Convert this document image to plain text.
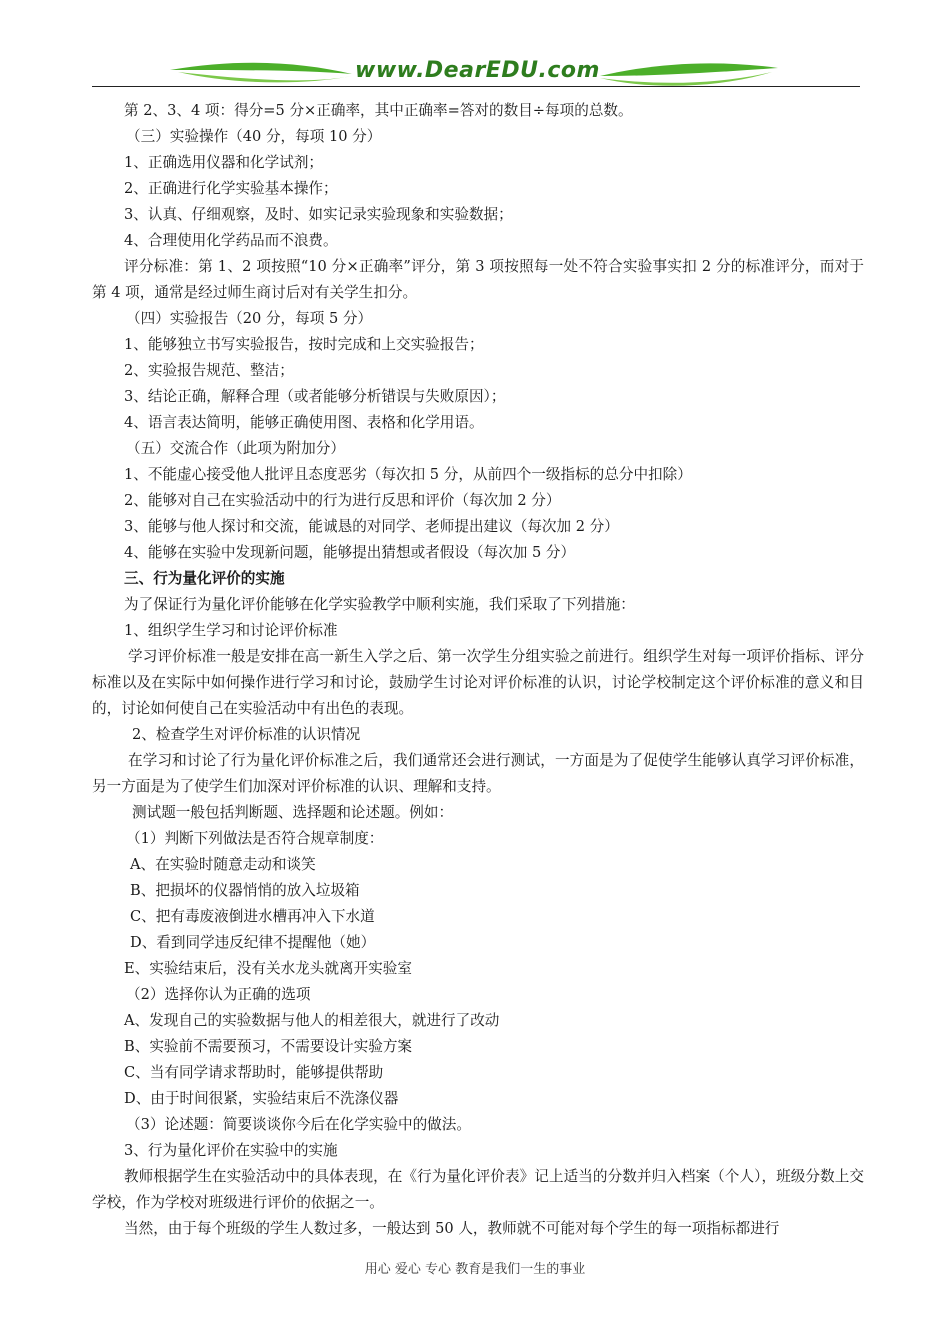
www.DearEDU.com

第 2、3、4 项：得分=5 分×正确率，其中正确率=答对的数目÷每项的总数。

（三）实验操作（40 分，每项 10 分）

1、正确选用仪器和化学试剂；

2、正确进行化学实验基本操作；

3、认真、仔细观察，及时、如实记录实验现象和实验数据；

4、合理使用化学药品而不浪费。

评分标准：第 1、2 项按照“10 分×正确率”评分，第 3 项按照每一处不符合实验事实扣 2 分的标准评分，而对于第 4 项，通常是经过师生商讨后对有关学生扣分。

（四）实验报告（20 分，每项 5 分）

1、能够独立书写实验报告，按时完成和上交实验报告；

2、实验报告规范、整洁；

3、结论正确，解释合理（或者能够分析错误与失败原因）；

4、语言表达简明，能够正确使用图、表格和化学用语。

（五）交流合作（此项为附加分）

1、不能虚心接受他人批评且态度恶劣（每次扣 5 分，从前四个一级指标的总分中扣除）

2、能够对自己在实验活动中的行为进行反思和评价（每次加 2 分）

3、能够与他人探讨和交流，能诚恳的对同学、老师提出建议（每次加 2 分）

4、能够在实验中发现新问题，能够提出猜想或者假设（每次加 5 分）

三、行为量化评价的实施

为了保证行为量化评价能够在化学实验教学中顺利实施，我们采取了下列措施：

1、组织学生学习和讨论评价标准

学习评价标准一般是安排在高一新生入学之后、第一次学生分组实验之前进行。组织学生对每一项评价指标、评分标准以及在实际中如何操作进行学习和讨论，鼓励学生讨论对评价标准的认识，讨论学校制定这个评价标准的意义和目的，讨论如何使自己在实验活动中有出色的表现。

2、检查学生对评价标准的认识情况

在学习和讨论了行为量化评价标准之后，我们通常还会进行测试，一方面是为了促使学生能够认真学习评价标准，另一方面是为了使学生们加深对评价标准的认识、理解和支持。

测试题一般包括判断题、选择题和论述题。例如：

（1）判断下列做法是否符合规章制度：

A、在实验时随意走动和谈笑

B、把损坏的仪器悄悄的放入垃圾箱

C、把有毒废液倒进水槽再冲入下水道

D、看到同学违反纪律不提醒他（她）

E、实验结束后，没有关水龙头就离开实验室

（2）选择你认为正确的选项

A、发现自己的实验数据与他人的相差很大，就进行了改动

B、实验前不需要预习，不需要设计实验方案

C、当有同学请求帮助时，能够提供帮助

D、由于时间很紧，实验结束后不洗涤仪器

（3）论述题：简要谈谈你今后在化学实验中的做法。

3、行为量化评价在实验中的实施

教师根据学生在实验活动中的具体表现，在《行为量化评价表》记上适当的分数并归入档案（个人），班级分数上交学校，作为学校对班级进行评价的依据之一。

当然，由于每个班级的学生人数过多，一般达到 50 人，教师就不可能对每个学生的每一项指标都进行

用心 爱心 专心 教育是我们一生的事业
